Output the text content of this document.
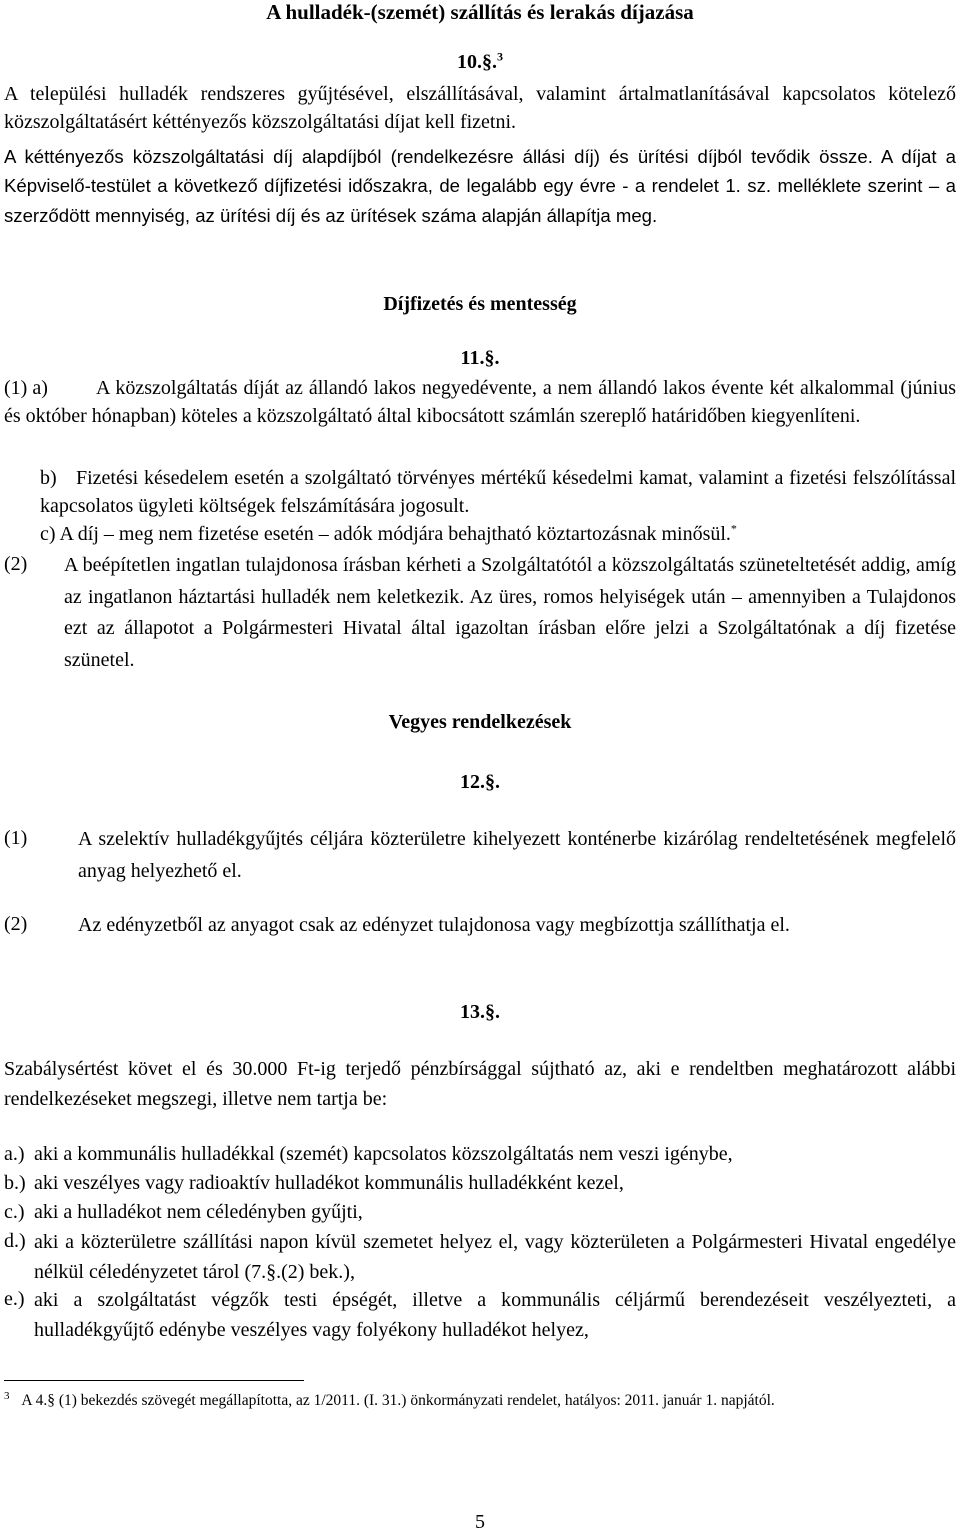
A hulladék-(szemét) szállítás és lerakás díjazása
10.§.$^3$
A települési hulladék rendszeres gyűjtésével, elszállításával, valamint ártalmatlanításával kapcsolatos kötelező közszolgáltatásért kéttényezős közszolgáltatási díjat kell fizetni.
A kéttényezős közszolgáltatási díj alapdíjból (rendelkezésre állási díj) és ürítési díjból tevődik össze. A díjat a Képviselő-testület a következő díjfizetési időszakra, de legalább egy évre - a rendelet 1. sz. melléklete szerint – a szerződött mennyiség, az ürítési díj és az ürítések száma alapján állapítja meg.
Díjfizetés és mentesség
11.§.
(1) a)	A közszolgáltatás díját az állandó lakos negyedévente, a nem állandó lakos évente két alkalommal (június és október hónapban) köteles a közszolgáltató által kibocsátott számlán szereplő határidőben kiegyenlíteni.
b) Fizetési késedelem esetén a szolgáltató törvényes mértékű késedelmi kamat, valamint a fizetési felszólítással kapcsolatos ügyleti költségek felszámítására jogosult.
c) A díj – meg nem fizetése esetén – adók módjára behajtható köztartozásnak minősül.*
(2) A beépítetlen ingatlan tulajdonosa írásban kérheti a Szolgáltatótól a közszolgáltatás szüneteltetését addig, amíg az ingatlanon háztartási hulladék nem keletkezik. Az üres, romos helyiségek után – amennyiben a Tulajdonos ezt az állapotot a Polgármesteri Hivatal által igazoltan írásban előre jelzi a Szolgáltatónak a díj fizetése szünetel.
Vegyes rendelkezések
12.§.
(1)	A szelektív hulladékgyűjtés céljára közterületre kihelyezett konténerbe kizárólag rendeltetésének megfelelő anyag helyezhető el.
(2)	Az edényzetből az anyagot csak az edényzet tulajdonosa vagy megbízottja szállíthatja el.
13.§.
Szabálysértést követ el és 30.000 Ft-ig terjedő pénzbírsággal sújtható az, aki e rendeltben meghatározott alábbi rendelkezéseket megszegi, illetve nem tartja be:
a.) aki a kommunális hulladékkal (szemét) kapcsolatos közszolgáltatás nem veszi igénybe,
b.) aki veszélyes vagy radioaktív hulladékot kommunális hulladékként kezel,
c.) aki a hulladékot nem céledényben gyűjti,
d.) aki a közterületre szállítási napon kívül szemetet helyez el, vagy közterületen a Polgármesteri Hivatal engedélye nélkül céledényzetet tárol (7.§.(2) bek.),
e.) aki a szolgáltatást végzők testi épségét, illetve a kommunális céljármű berendezéseit veszélyezteti, a hulladékgyűjtő edénybe veszélyes vagy folyékony hulladékot helyez,
$^3$ A 4.§ (1) bekezdés szövegét megállapította, az 1/2011. (I. 31.) önkormányzati rendelet, hatályos: 2011. január 1. napjától.
5
